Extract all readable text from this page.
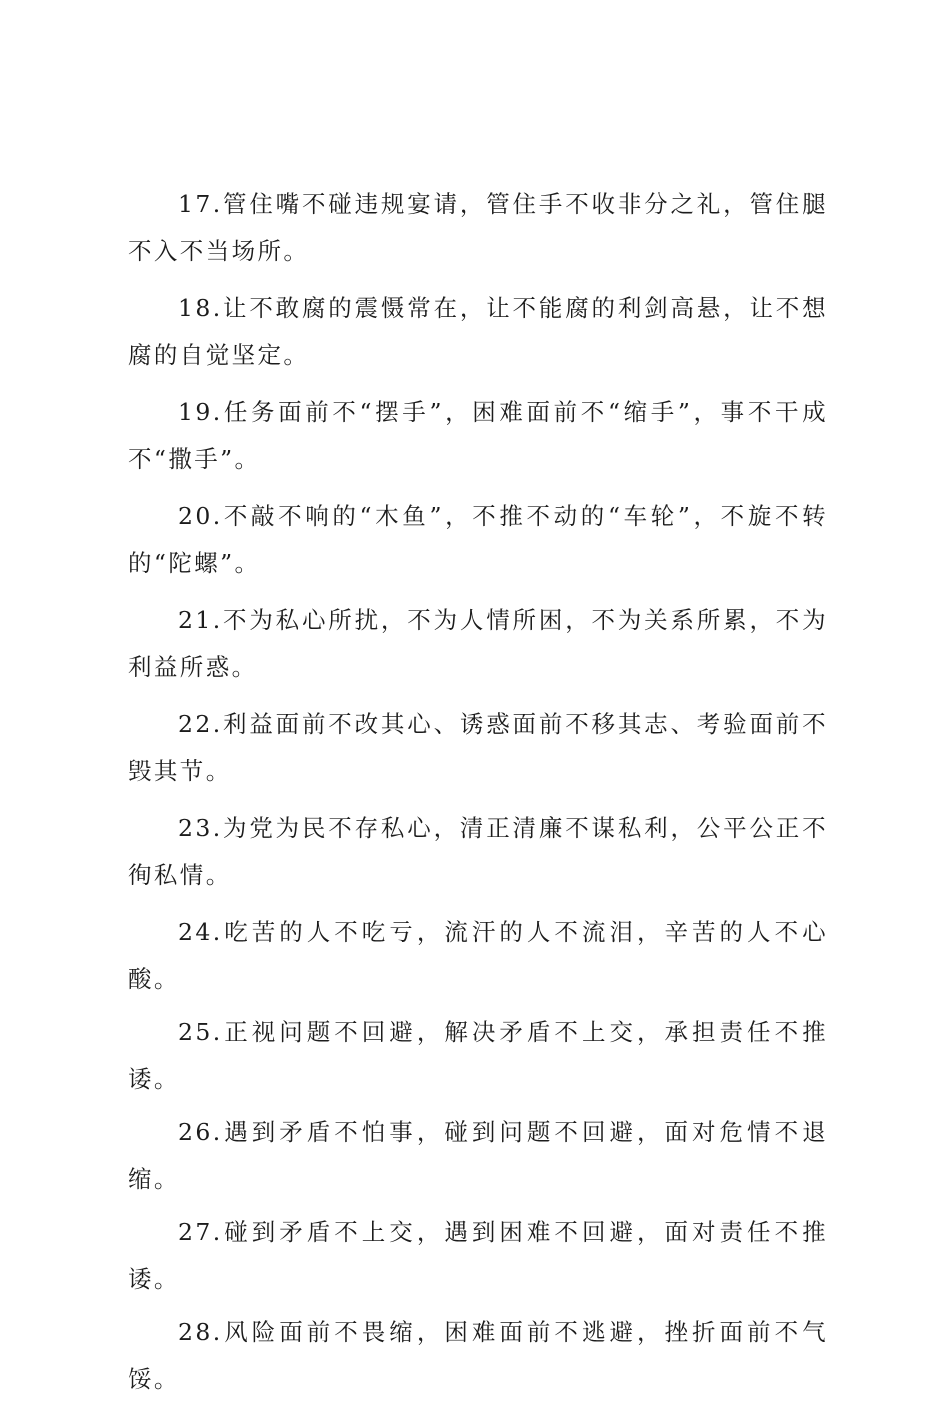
17.管住嘴不碰违规宴请，管住手不收非分之礼，管住腿不入不当场所。

18.让不敢腐的震慑常在，让不能腐的利剑高悬，让不想腐的自觉坚定。

19.任务面前不“摆手”，困难面前不“缩手”，事不干成不“撒手”。

20.不敲不响的“木鱼”，不推不动的“车轮”，不旋不转的“陀螺”。

21.不为私心所扰，不为人情所困，不为关系所累，不为利益所惑。

22.利益面前不改其心、诱惑面前不移其志、考验面前不毁其节。

23.为党为民不存私心，清正清廉不谋私利，公平公正不徇私情。

24.吃苦的人不吃亏，流汗的人不流泪，辛苦的人不心酸。

25.正视问题不回避，解决矛盾不上交，承担责任不推诿。

26.遇到矛盾不怕事，碰到问题不回避，面对危情不退缩。

27.碰到矛盾不上交，遇到困难不回避，面对责任不推诿。

28.风险面前不畏缩，困难面前不逃避，挫折面前不气馁。
